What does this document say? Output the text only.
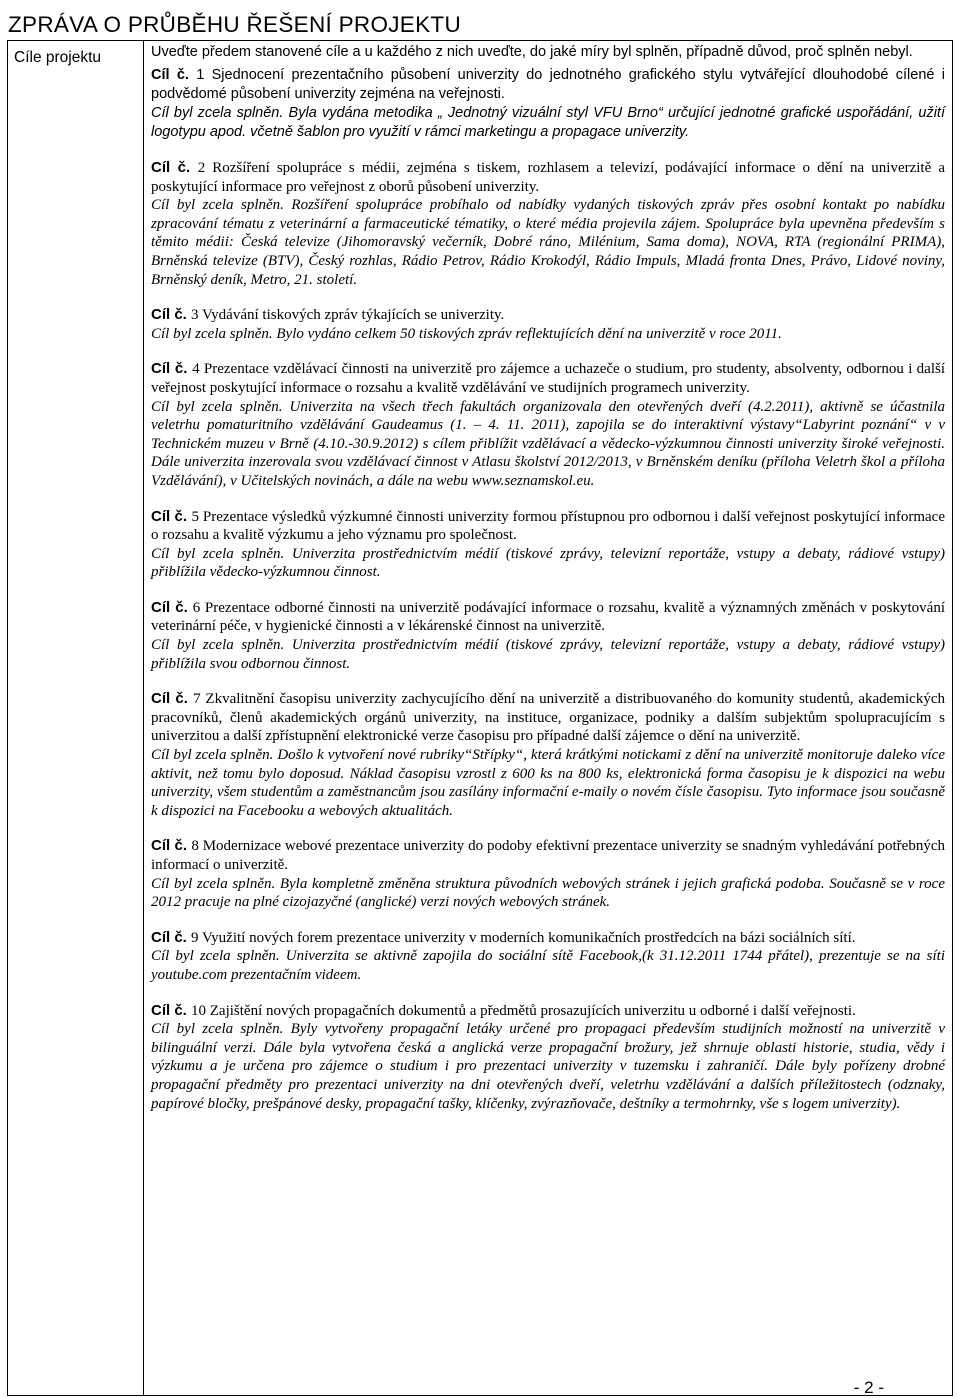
ZPRÁVA O PRŮBĚHU ŘEŠENÍ PROJEKTU
Cíle projektu	Uveďte předem stanovené cíle a u každého z nich uveďte, do jaké míry byl splněn, případně důvod, proč splněn nebyl.

Cíl č. 1 Sjednocení prezentačního působení univerzity do jednotného grafického stylu vytvářející dlouhodobé cílené i podvědomé působení univerzity zejména na veřejnosti.

Cíl byl zcela splněn. Byla vydána metodika „ Jednotný vizuální styl VFU Brno“ určující jednotné grafické uspořádání, užití logotypu apod. včetně šablon pro využití v rámci marketingu a propagace univerzity.

Cíl č. 2 Rozšíření spolupráce s médii, zejména s tiskem, rozhlasem a televizí, podávající informace o dění na univerzitě a poskytující informace pro veřejnost z oborů působení univerzity.

Cíl byl zcela splněn. Rozšíření spolupráce probíhalo od nabídky vydaných tiskových zpráv přes osobní kontakt po nabídku zpracování tématu z veterinární a farmaceutické tématiky, o které média projevila zájem. Spolupráce byla upevněna především s těmito médii: Česká televize (Jihomoravský večerník, Dobré ráno, Milénium, Sama doma), NOVA, RTA (regionální PRIMA), Brněnská televize (BTV), Český rozhlas, Rádio Petrov, Rádio Krokodýl, Rádio Impuls, Mladá fronta Dnes, Právo, Lidové noviny, Brněnský deník, Metro, 21. století.

Cíl č. 3 Vydávání tiskových zpráv týkajících se univerzity.

Cíl byl zcela splněn. Bylo vydáno celkem 50 tiskových zpráv reflektujících dění na univerzitě v roce 2011.

Cíl č. 4 Prezentace vzdělávací činnosti na univerzitě pro zájemce a uchazeče o studium, pro studenty, absolventy, odbornou i další veřejnost poskytující informace o rozsahu a kvalitě vzdělávání ve studijních programech univerzity.

Cíl byl zcela splněn. Univerzita na všech třech fakultách organizovala den otevřených dveří (4.2.2011), aktivně se účastnila veletrhu pomaturitního vzdělávání Gaudeamus (1. – 4. 11. 2011), zapojila se do interaktivní výstavy“Labyrint poznání“ v v Technickém muzeu v Brně (4.10.-30.9.2012) s cílem přiblížit vzdělávací a vědecko-výzkumnou činnosti univerzity široké veřejnosti. Dále univerzita inzerovala svou vzdělávací činnost v Atlasu školství 2012/2013, v Brněnském deníku (příloha Veletrh škol a příloha Vzdělávání), v Učitelských novinách, a dále na webu www.seznamskol.eu.

Cíl č. 5 Prezentace výsledků výzkumné činnosti univerzity formou přístupnou pro odbornou i další veřejnost poskytující informace o rozsahu a kvalitě výzkumu a jeho významu pro společnost.

Cíl byl zcela splněn. Univerzita prostřednictvím médií (tiskové zprávy, televizní reportáže, vstupy a debaty, rádiové vstupy) přiblížila vědecko-výzkumnou činnost.

Cíl č. 6 Prezentace odborné činnosti na univerzitě podávající informace o rozsahu, kvalitě a významných změnách v poskytování veterinární péče, v hygienické činnosti a v lékárenské činnost na univerzitě.

Cíl byl zcela splněn. Univerzita prostřednictvím médií (tiskové zprávy, televizní reportáže, vstupy a debaty, rádiové vstupy) přiblížila svou odbornou činnost.

Cíl č. 7 Zkvalitnění časopisu univerzity zachycujícího dění na univerzitě a distribuovaného do komunity studentů, akademických pracovníků, členů akademických orgánů univerzity, na instituce, organizace, podniky a dalším subjektům spolupracujícím s univerzitou a další zpřístupnění elektronické verze časopisu pro případné další zájemce o dění na univerzitě.

Cíl byl zcela splněn. Došlo k vytvoření nové rubriky“Střípky“, která krátkými notickami z dění na univerzitě monitoruje daleko více aktivit, než tomu bylo doposud. Náklad časopisu vzrostl z 600 ks na 800 ks, elektronická forma časopisu je k dispozici na webu univerzity, všem studentům a zaměstnancům jsou zasílány informační e-maily o novém čísle časopisu. Tyto informace jsou současně k dispozici na Facebooku a webových aktualitách.

Cíl č. 8 Modernizace webové prezentace univerzity do podoby efektivní prezentace univerzity se snadným vyhledávání potřebných informací o univerzitě.

Cíl byl zcela splněn. Byla kompletně změněna struktura původních webových stránek i jejich grafická podoba. Současně se v roce 2012 pracuje na plné cizojazyčné (anglické) verzi nových webových stránek.

Cíl č. 9 Využití nových forem prezentace univerzity v moderních komunikačních prostředcích na bázi sociálních sítí.

Cíl byl zcela splněn. Univerzita se aktivně zapojila do sociální sítě Facebook,(k 31.12.2011 1744 přátel), prezentuje se na síti youtube.com prezentačním videem.

Cíl č. 10 Zajištění nových propagačních dokumentů a předmětů prosazujících univerzitu u odborné i další veřejnosti.

Cíl byl zcela splněn. Byly vytvořeny propagační letáky určené pro propagaci především studijních možností na univerzitě v bilinguální verzi. Dále byla vytvořena česká a anglická verze propagační brožury, jež shrnuje oblasti historie, studia, vědy i výzkumu a je určena pro zájemce o studium i pro prezentaci univerzity v tuzemsku i zahraničí. Dále byly pořízeny drobné propagační předměty pro prezentaci univerzity na dni otevřených dveří, veletrhu vzdělávání a dalších příležitostech (odznaky, papírové bločky, prešpánové desky, propagační tašky, klíčenky, zvýrazňovače, deštníky a termohrnky, vše s logem univerzity).

- 2 -
